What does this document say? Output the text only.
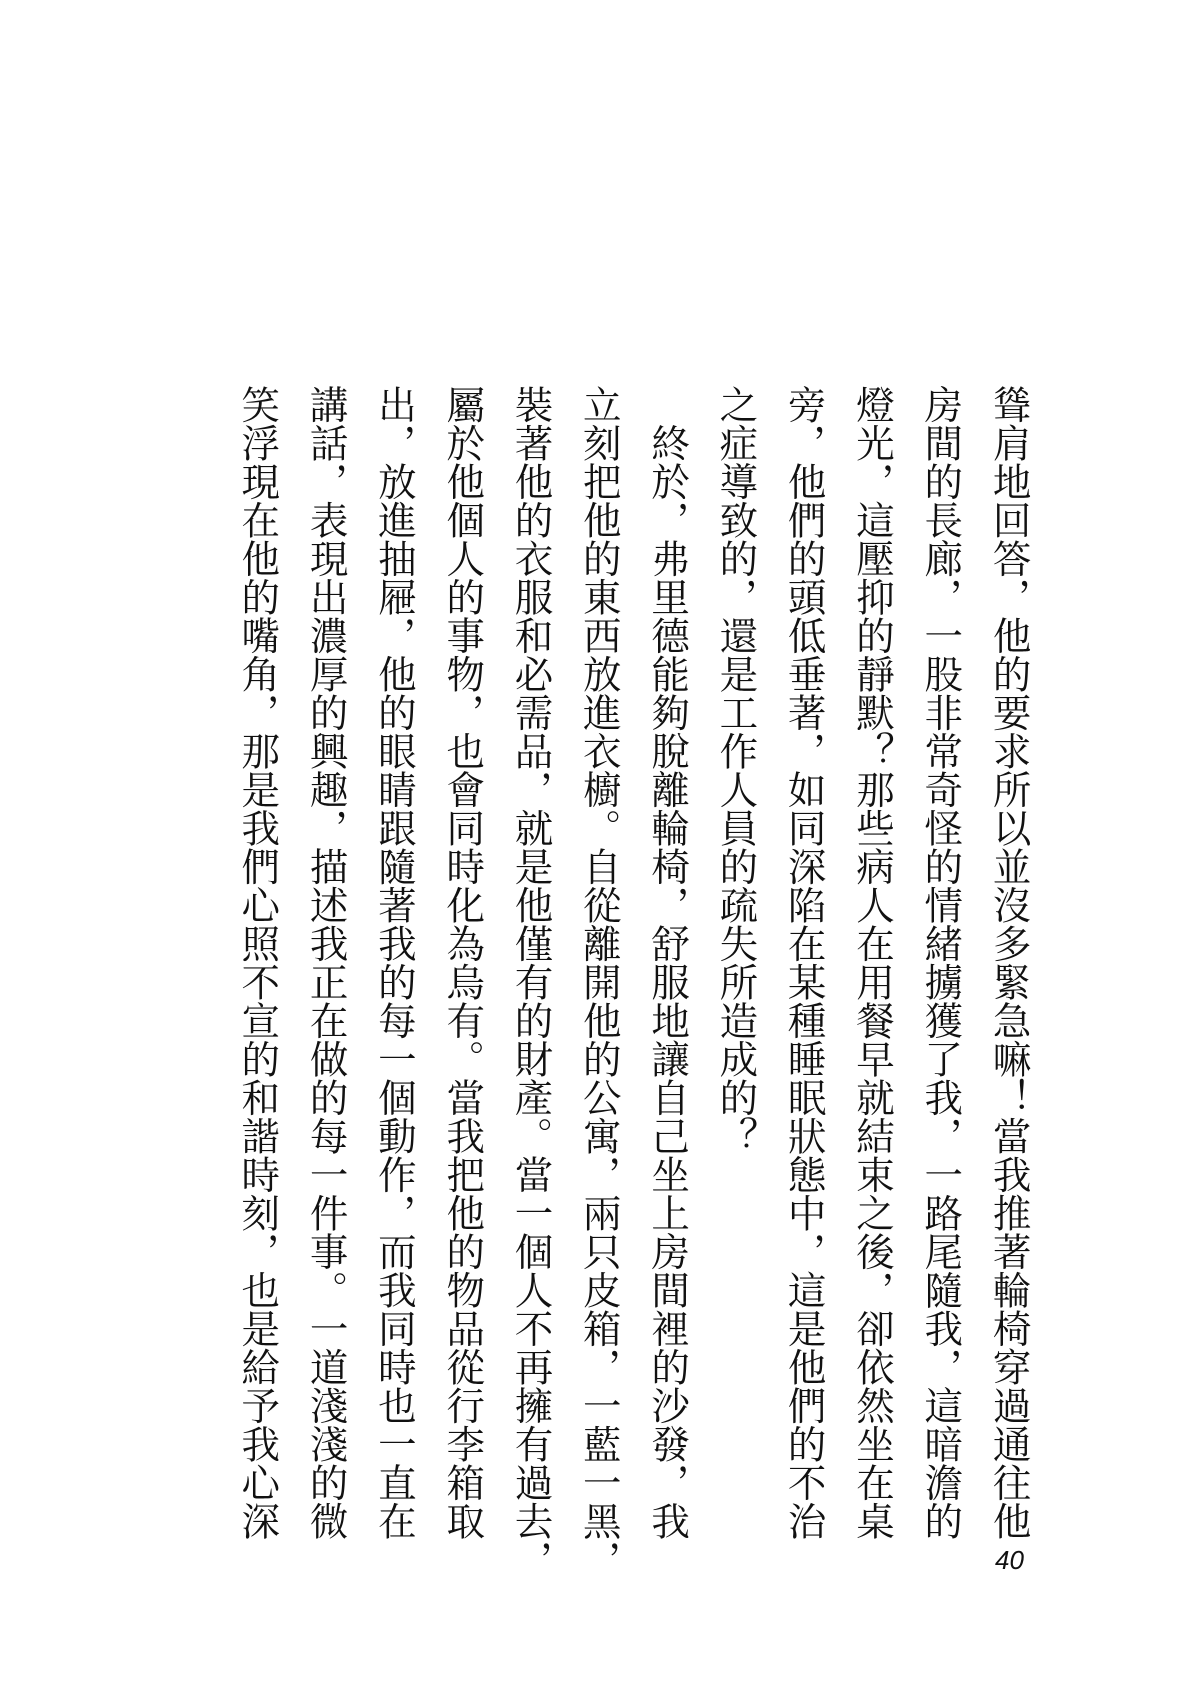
聳肩地回答，他的要求所以並沒多緊急嘛！當我推著輪椅穿過通往他

房間的長廊，一股非常奇怪的情緒擄獲了我，一路尾隨我，這暗澹的

燈光，這壓抑的靜默？那些病人在用餐早就結束之後，卻依然坐在桌

旁，他們的頭低垂著，如同深陷在某種睡眠狀態中，這是他們的不治

之症導致的，還是工作人員的疏失所造成的？

　終於，弗里德能夠脫離輪椅，舒服地讓自己坐上房間裡的沙發，我

立刻把他的東西放進衣櫥。自從離開他的公寓，兩只皮箱，一藍一黑，

裝著他的衣服和必需品，就是他僅有的財產。當一個人不再擁有過去，

屬於他個人的事物，也會同時化為烏有。當我把他的物品從行李箱取

出，放進抽屜，他的眼睛跟隨著我的每一個動作，而我同時也一直在

講話，表現出濃厚的興趣，描述我正在做的每一件事。一道淺淺的微

笑浮現在他的嘴角，那是我們心照不宣的和諧時刻，也是給予我心深

40
